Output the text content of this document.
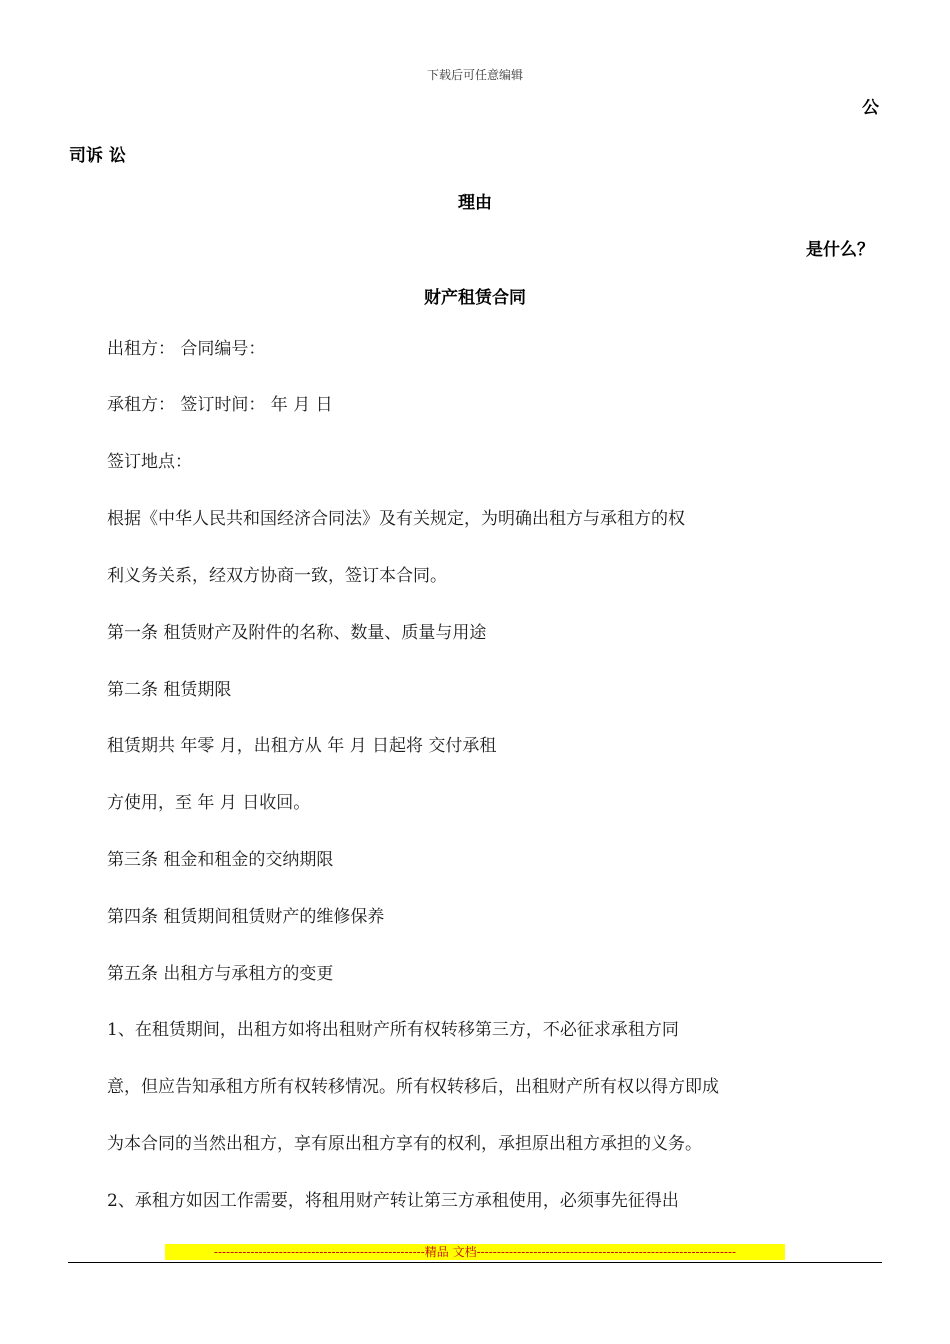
下载后可任意编辑
公
司诉 讼
理由
是什么？
财产租赁合同
出租方： 合同编号：
承租方： 签订时间： 年 月 日
签订地点：
根据《中华人民共和国经济合同法》及有关规定，为明确出租方与承租方的权
利义务关系，经双方协商一致，签订本合同。
第一条 租赁财产及附件的名称、数量、质量与用途
第二条 租赁期限
租赁期共 年零 月，出租方从 年 月 日起将 交付承租
方使用，至 年 月 日收回。
第三条 租金和租金的交纳期限
第四条 租赁期间租赁财产的维修保养
第五条 出租方与承租方的变更
1、在租赁期间，出租方如将出租财产所有权转移第三方，不必征求承租方同
意，但应告知承租方所有权转移情况。所有权转移后，出租财产所有权以得方即成
为本合同的当然出租方，享有原出租方享有的权利，承担原出租方承担的义务。
2、承租方如因工作需要，将租用财产转让第三方承租使用，必须事先征得出
----------------------------------------------------精品 文档----------------------------------------------------------------
